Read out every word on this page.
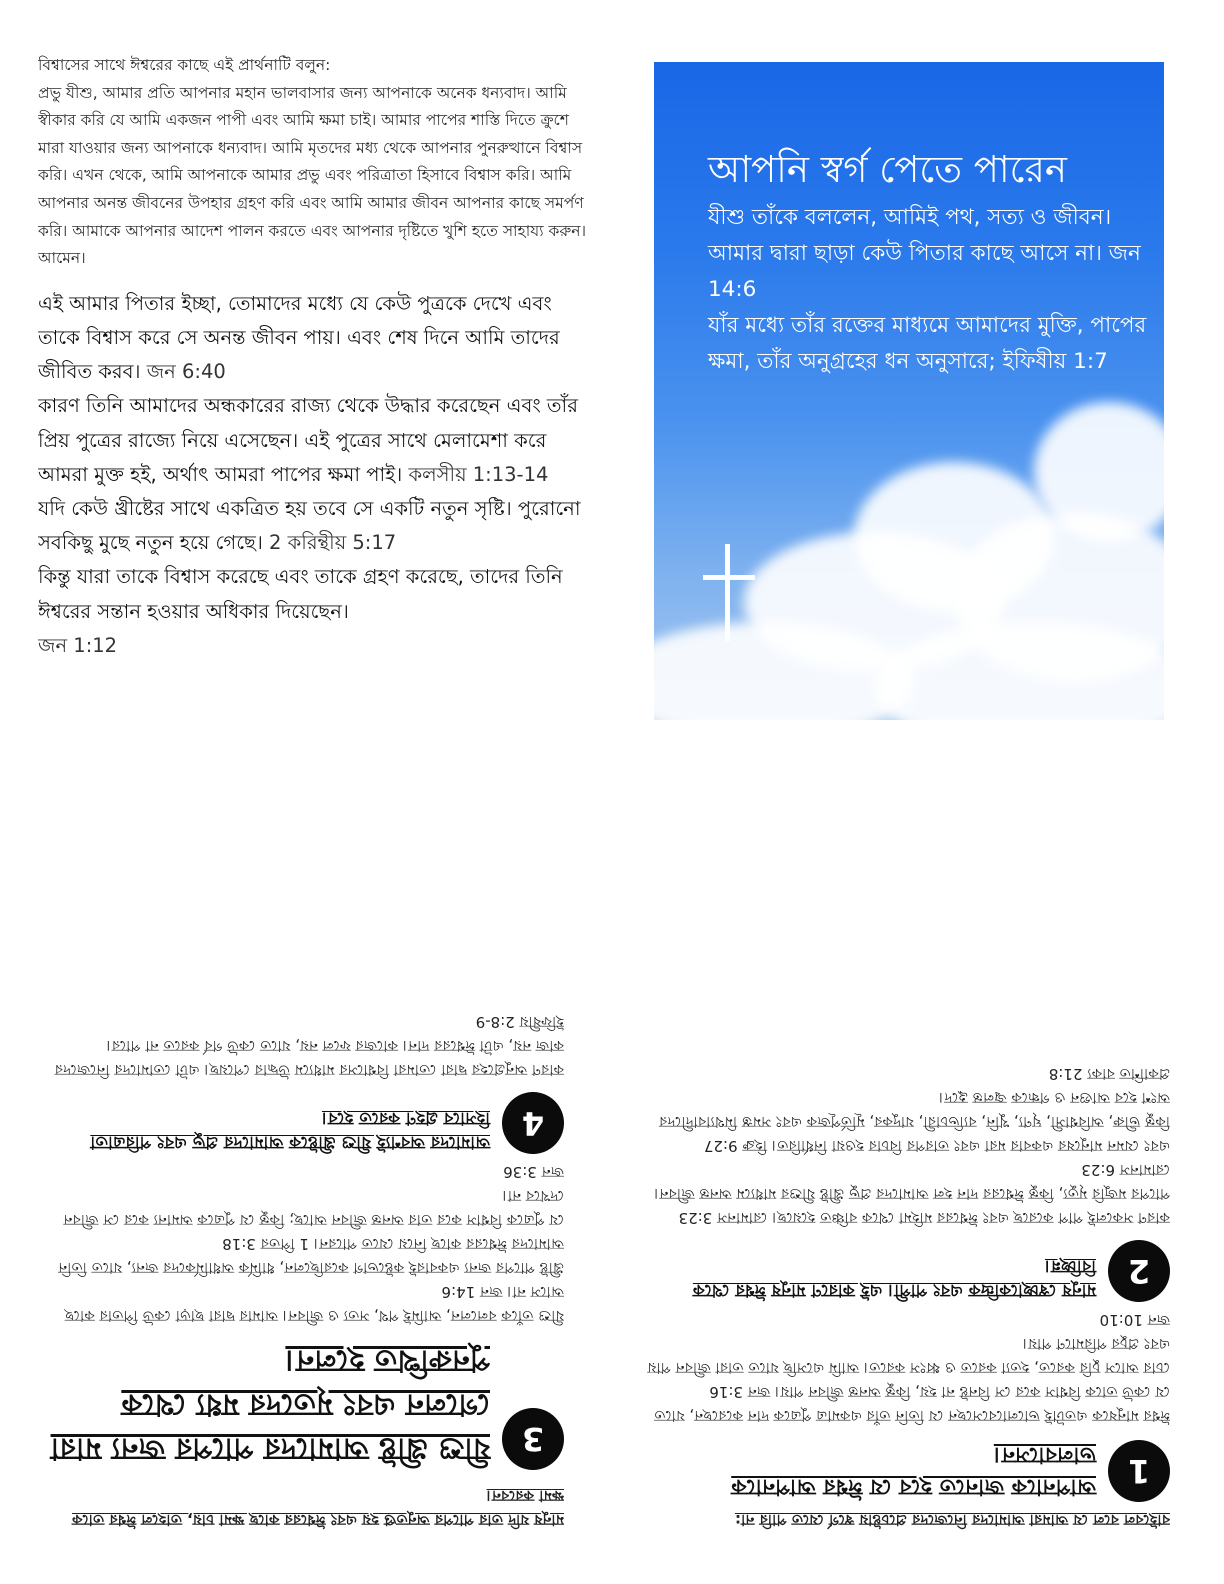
বিশ্বাসের সাথে ঈশ্বরের কাছে এই প্রার্থনাটি বলুন:
প্রভু যীশু, আমার প্রতি আপনার মহান ভালবাসার জন্য আপনাকে অনেক ধন্যবাদ। আমি স্বীকার করি যে আমি একজন পাপী এবং আমি ক্ষমা চাই। আমার পাপের শাস্তি দিতে ক্রুশে মারা যাওয়ার জন্য আপনাকে ধন্যবাদ। আমি মৃতদের মধ্য থেকে আপনার পুনরুত্থানে বিশ্বাস করি। এখন থেকে, আমি আপনাকে আমার প্রভু এবং পরিত্রাতা হিসাবে বিশ্বাস করি। আমি আপনার অনন্ত জীবনের উপহার গ্রহণ করি এবং আমি আমার জীবন আপনার কাছে সমর্পণ করি। আমাকে আপনার আদেশ পালন করতে এবং আপনার দৃষ্টিতে খুশি হতে সাহায্য করুন। আমেন।

এই আমার পিতার ইচ্ছা, তোমাদের মধ্যে যে কেউ পুত্রকে দেখে এবং তাকে বিশ্বাস করে সে অনন্ত জীবন পায়। এবং শেষ দিনে আমি তাদের জীবিত করব। জন 6:40

কারণ তিনি আমাদের অন্ধকারের রাজ্য থেকে উদ্ধার করেছেন এবং তাঁর প্রিয় পুত্রের রাজ্যে নিয়ে এসেছেন। এই পুত্রের সাথে মেলামেশা করে আমরা মুক্ত হই, অর্থাৎ আমরা পাপের ক্ষমা পাই। কলসীয় 1:13-14

যদি কেউ খ্রীষ্টের সাথে একত্রিত হয় তবে সে একটি নতুন সৃষ্টি। পুরোনো সবকিছু মুছে নতুন হয়ে গেছে। 2 করিন্থীয় 5:17

কিন্তু যারা তাকে বিশ্বাস করেছে এবং তাকে গ্রহণ করেছে, তাদের তিনি ঈশ্বরের সন্তান হওয়ার অধিকার দিয়েছেন।
জন 1:12

আপনি স্বর্গ পেতে পারেন
যীশু তাঁকে বললেন, আমিই পথ, সত্য ও জীবন। আমার দ্বারা ছাড়া কেউ পিতার কাছে আসে না। জন 14:6
যাঁর মধ্যে তাঁর রক্তের মাধ্যমে আমাদের মুক্তি, পাপের ক্ষমা, তাঁর অনুগ্রহের ধন অনুসারে; ইফিষীয় 1:7

বাইবেল বলে যে আমরা আমাদের নিজেদের প্রচেষ্টায় স্বর্গে যেতে পারি না:

1
আপনাকে জানতে হবে যে ঈশ্বর আপনাকে ভালবাসেন।

ঈশ্বর মানুষকে এতটাই ভালোবেসেছেন যে তিনি তাঁর একমাত্র পুত্রকে দান করেছেন, যাতে যে কেউ তাকে বিশ্বাস করে সে বিনষ্ট না হয়, কিন্তু অনন্ত জীবন পায়। জন 3:16

চোর আসে চুরি করতে, হত্যা করতে ও ধ্বংস করতে। আমি এসেছি যাতে তারা জীবন পায় এবং প্রচুর পরিমাণে পায়।
জন 10:10

2
মানুষ স্বেচ্ছাকেন্দ্রিক এবং পাপী। এই কারণে মানুষ ঈশ্বর থেকে বিচ্ছিন্ন।

কারণ সকলেই পাপ করেছে এবং ঈশ্বরের মহিমা থেকে বঞ্চিত হয়েছে। রোমানস 3:23

পাপের মজুরি মৃত্যু, কিন্তু ঈশ্বরের দান হল আমাদের প্রভু খ্রীষ্ট যীশুর মাধ্যমে অনন্ত জীবন। রোমানস 6:23

এবং যেমন মানুষের একবার মরা এবং তারপর বিচার হওয়া নির্ধারিত। হিব্রু 9:27

কিন্তু ভীরু, অবিশ্বাসী, ঘৃণ্য, খুনি, ব্যভিচারী, যাদুকর, মূর্তিপূজক এবং সমস্ত মিথ্যাবাদীদের অংশ হবে আগুন ও গন্ধকে জ্বলন্ত হ্রদে।
প্রকাশিত বাক্য 21:8

মানুষ যদি তার পাপের অনুতপ্ত হয় এবং ঈশ্বরের কাছে ক্ষমা চায়, তাহলে ঈশ্বর তাকে ক্ষমা করবেন।

3
যীশু খ্রীষ্ট আমাদের পাপের জন্য মারা গেলেন এবং মৃতদের মধ্য থেকে পুনরুত্থিত হলেন।

যীশু তাঁকে বললেন, আমিই পথ, সত্য ও জীবন। আমার দ্বারা ছাড়া কেউ পিতার কাছে আসে না। জন 14:6

খ্রীষ্ট পাপের জন্য একবারই কষ্টভোগ করেছিলেন, ধার্মিক অধার্মিকদের জন্য, যাতে তিনি আমাদের ঈশ্বরের কাছে নিয়ে যেতে পারেন। 1 পিতর 3:18

যে পুত্রকে বিশ্বাস করে তার অনন্ত জীবন আছে; কিন্তু যে পুত্রকে অমান্য করে সে জীবন দেখবে না।
জন 3:36

4
আমাদের অবশ্যই যীশু খ্রীষ্টকে আমাদের প্রভু এবং পরিত্রাতা হিসাবে গ্রহণ করতে হবে।

কারণ অনুগ্রহের দ্বারা তোমরা বিশ্বাসের মাধ্যমে উদ্ধার পেয়েছ। এটা তোমাদের নিজেদের কাজ নয়, এটা ঈশ্বরের দান। কাজের ফলে নয়, যাতে কেউ গর্ব করতে না পারে।
ইফিষীয় 2:8-9
